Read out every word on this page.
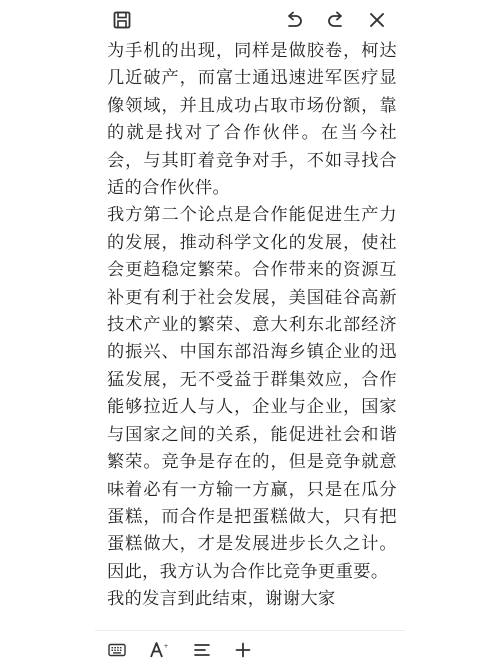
为手机的出现，同样是做胶卷，柯达几近破产，而富士通迅速进军医疗显像领域，并且成功占取市场份额，靠的就是找对了合作伙伴。在当今社会，与其盯着竞争对手，不如寻找合适的合作伙伴。

我方第二个论点是合作能促进生产力的发展，推动科学文化的发展，使社会更趋稳定繁荣。合作带来的资源互补更有利于社会发展，美国硅谷高新技术产业的繁荣、意大利东北部经济的振兴、中国东部沿海乡镇企业的迅猛发展，无不受益于群集效应，合作能够拉近人与人，企业与企业，国家与国家之间的关系，能促进社会和谐繁荣。竞争是存在的，但是竞争就意味着必有一方输一方赢，只是在瓜分蛋糕，而合作是把蛋糕做大，只有把蛋糕做大，才是发展进步长久之计。因此，我方认为合作比竞争更重要。

我的发言到此结束，谢谢大家

+
